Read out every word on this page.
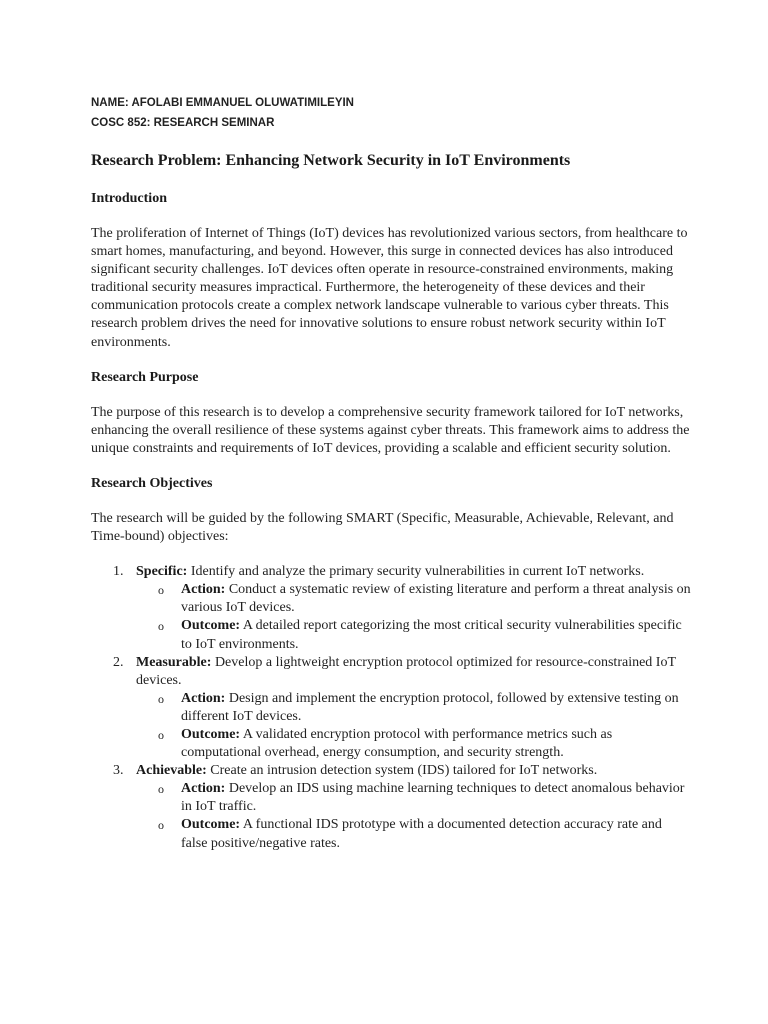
NAME: AFOLABI EMMANUEL OLUWATIMILEYIN
COSC 852: RESEARCH SEMINAR
Research Problem: Enhancing Network Security in IoT Environments
Introduction
The proliferation of Internet of Things (IoT) devices has revolutionized various sectors, from healthcare to smart homes, manufacturing, and beyond. However, this surge in connected devices has also introduced significant security challenges. IoT devices often operate in resource-constrained environments, making traditional security measures impractical. Furthermore, the heterogeneity of these devices and their communication protocols create a complex network landscape vulnerable to various cyber threats. This research problem drives the need for innovative solutions to ensure robust network security within IoT environments.
Research Purpose
The purpose of this research is to develop a comprehensive security framework tailored for IoT networks, enhancing the overall resilience of these systems against cyber threats. This framework aims to address the unique constraints and requirements of IoT devices, providing a scalable and efficient security solution.
Research Objectives
The research will be guided by the following SMART (Specific, Measurable, Achievable, Relevant, and Time-bound) objectives:
1. Specific: Identify and analyze the primary security vulnerabilities in current IoT networks.
o Action: Conduct a systematic review of existing literature and perform a threat analysis on various IoT devices.
o Outcome: A detailed report categorizing the most critical security vulnerabilities specific to IoT environments.
2. Measurable: Develop a lightweight encryption protocol optimized for resource-constrained IoT devices.
o Action: Design and implement the encryption protocol, followed by extensive testing on different IoT devices.
o Outcome: A validated encryption protocol with performance metrics such as computational overhead, energy consumption, and security strength.
3. Achievable: Create an intrusion detection system (IDS) tailored for IoT networks.
o Action: Develop an IDS using machine learning techniques to detect anomalous behavior in IoT traffic.
o Outcome: A functional IDS prototype with a documented detection accuracy rate and false positive/negative rates.
